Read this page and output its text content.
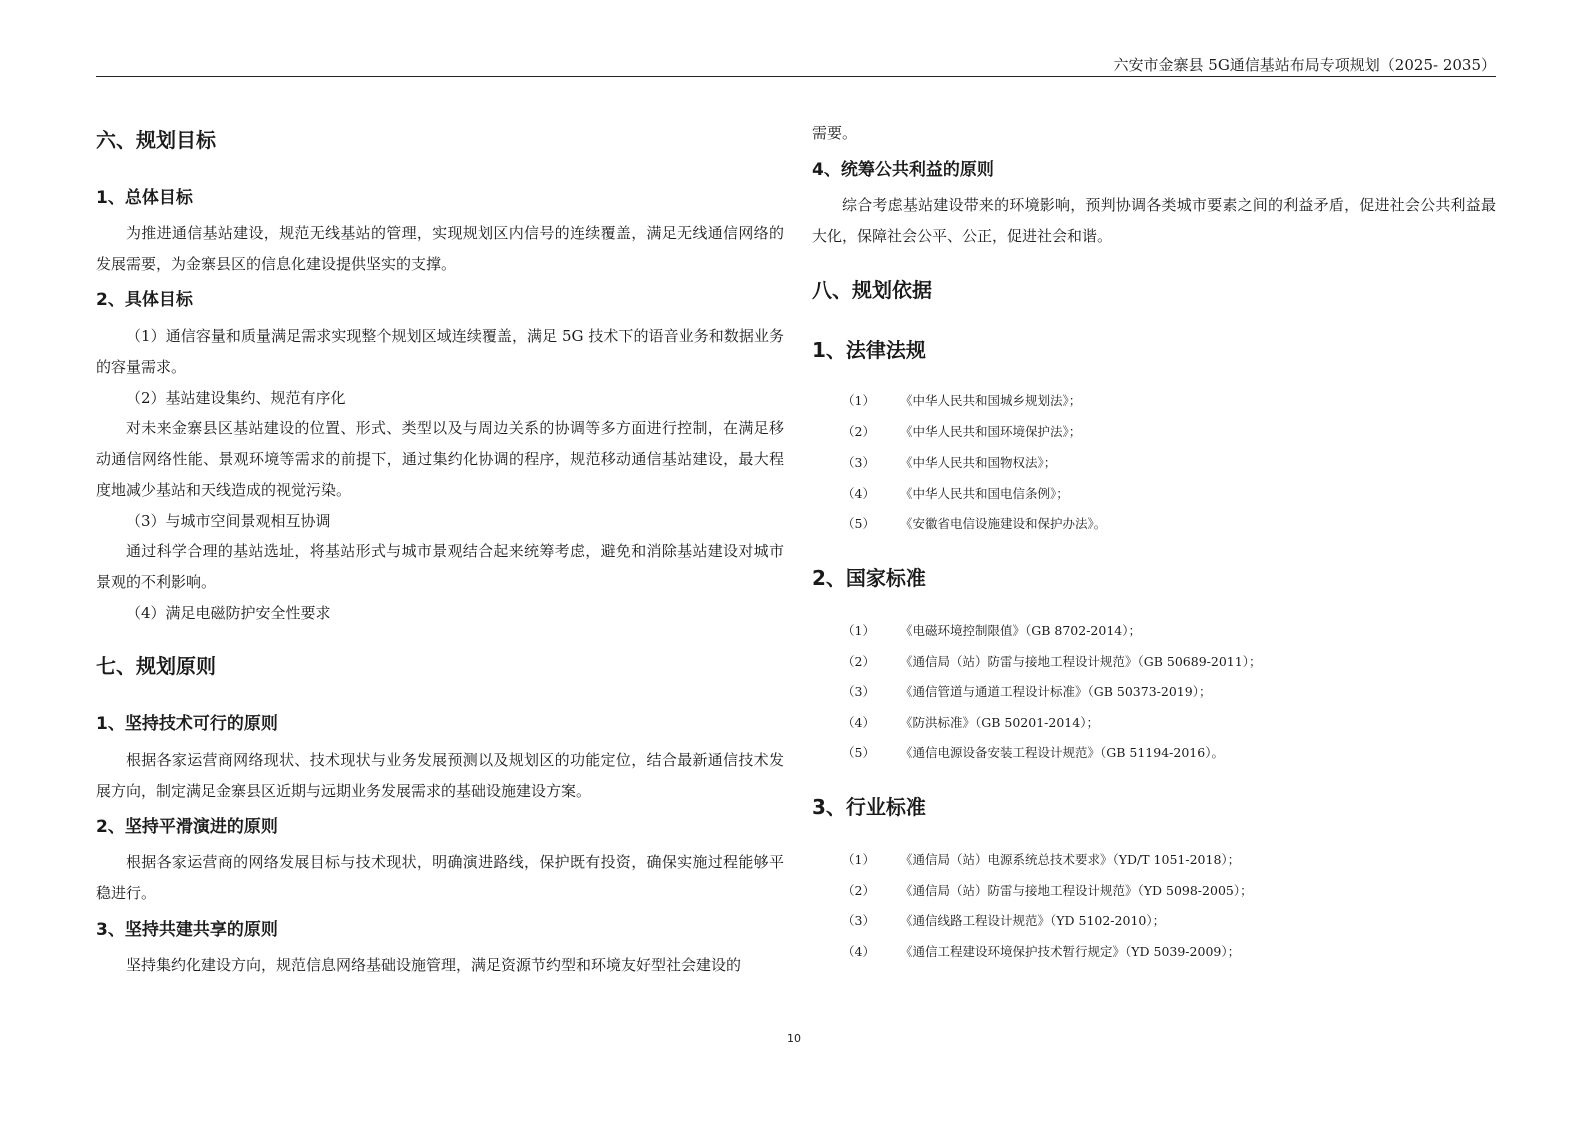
六安市金寨县 5G通信基站布局专项规划（2025- 2035）
六、规划目标
1、总体目标
为推进通信基站建设，规范无线基站的管理，实现规划区内信号的连续覆盖，满足无线通信网络的发展需要，为金寨县区的信息化建设提供坚实的支撑。
2、具体目标
（1）通信容量和质量满足需求实现整个规划区域连续覆盖，满足 5G 技术下的语音业务和数据业务的容量需求。
（2）基站建设集约、规范有序化
对未来金寨县区基站建设的位置、形式、类型以及与周边关系的协调等多方面进行控制，在满足移动通信网络性能、景观环境等需求的前提下，通过集约化协调的程序，规范移动通信基站建设，最大程度地减少基站和天线造成的视觉污染。
（3）与城市空间景观相互协调
通过科学合理的基站选址，将基站形式与城市景观结合起来统筹考虑，避免和消除基站建设对城市景观的不利影响。
（4）满足电磁防护安全性要求
七、规划原则
1、坚持技术可行的原则
根据各家运营商网络现状、技术现状与业务发展预测以及规划区的功能定位，结合最新通信技术发展方向，制定满足金寨县区近期与远期业务发展需求的基础设施建设方案。
2、坚持平滑演进的原则
根据各家运营商的网络发展目标与技术现状，明确演进路线，保护既有投资，确保实施过程能够平稳进行。
3、坚持共建共享的原则
坚持集约化建设方向，规范信息网络基础设施管理，满足资源节约型和环境友好型社会建设的
需要。
4、统筹公共利益的原则
综合考虑基站建设带来的环境影响，预判协调各类城市要素之间的利益矛盾，促进社会公共利益最大化，保障社会公平、公正，促进社会和谐。
八、规划依据
1、法律法规
（1） 《中华人民共和国城乡规划法》；
（2） 《中华人民共和国环境保护法》；
（3） 《中华人民共和国物权法》；
（4） 《中华人民共和国电信条例》；
（5） 《安徽省电信设施建设和保护办法》。
2、国家标准
（1） 《电磁环境控制限值》（GB 8702-2014）；
（2） 《通信局（站）防雷与接地工程设计规范》（GB 50689-2011）；
（3） 《通信管道与通道工程设计标准》（GB 50373-2019）；
（4） 《防洪标准》（GB 50201-2014）；
（5） 《通信电源设备安装工程设计规范》（GB 51194-2016）。
3、行业标准
（1） 《通信局（站）电源系统总技术要求》（YD/T 1051-2018）；
（2） 《通信局（站）防雷与接地工程设计规范》（YD 5098-2005）；
（3） 《通信线路工程设计规范》（YD 5102-2010）；
（4） 《通信工程建设环境保护技术暂行规定》（YD 5039-2009）；
10
